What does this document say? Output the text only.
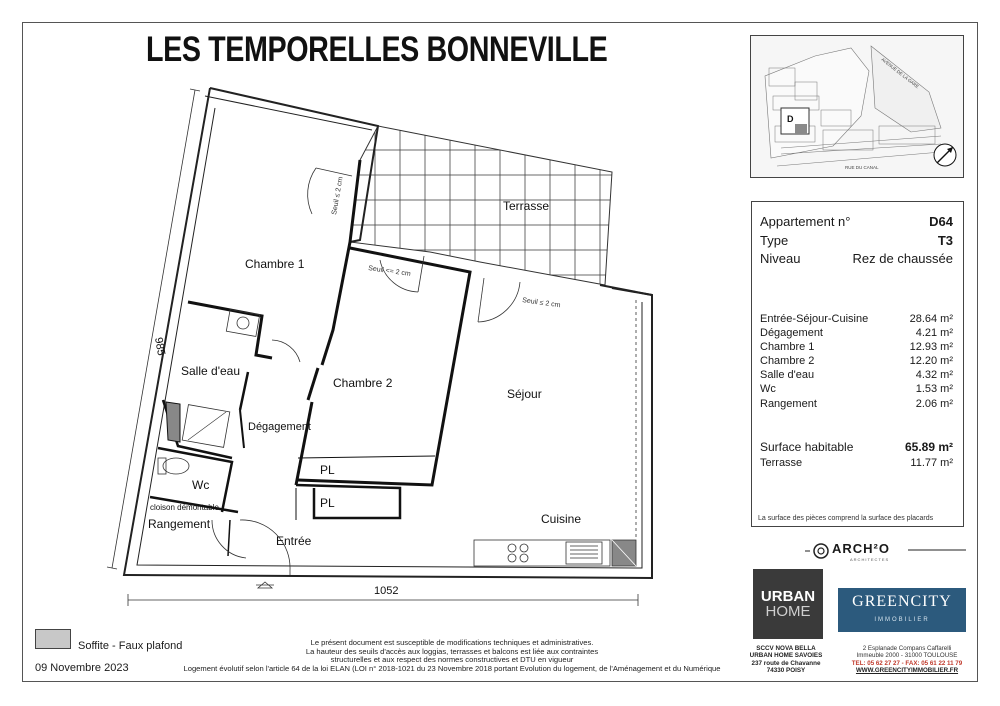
LES TEMPORELLES BONNEVILLE
Terrasse
Chambre 1
Chambre 2
Salle d'eau
Dégagement
Wc
Rangement
cloison démontable
Entrée
Séjour
Cuisine
PL
PL
Seuil ≤ 2 cm
Seuil <= 2 cm
Seuil ≤ 2 cm
985
1052
D
AVENUE DE LA GARE
RUE DU CANAL
Appartement n°	D64
Type	T3
Niveau	Rez de chaussée
Entrée-Séjour-Cuisine	28.64 m²
Dégagement	4.21 m²
Chambre 1	12.93 m²
Chambre 2	12.20 m²
Salle d'eau	4.32 m²
Wc	1.53 m²
Rangement	2.06 m²
Surface habitable	65.89 m²
Terrasse	11.77 m²
La surface des pièces comprend la surface des placards
ARCH²O
ARCHITECTES
URBAN
HOME
GREENCITY
IMMOBILIER
SCCV NOVA BELLA
URBAN HOME SAVOIES
237 route de Chavanne
74330 POISY
2 Esplanade Compans Caffarelli
Immeuble 2000 - 31000 TOULOUSE
TEL: 05 62 27 27 - FAX: 05 61 22 11 79
WWW.GREENCITYIMMOBILIER.FR
Soffite - Faux plafond
09 Novembre 2023
Le présent document est susceptible de modifications techniques et administratives.
La hauteur des seuils d'accès aux loggias, terrasses et balcons est liée aux contraintes
structurelles et aux respect des normes constructives et DTU en vigueur
Logement évolutif selon l'article 64 de la loi ELAN (LOI n° 2018-1021 du 23 Novembre 2018 portant Evolution du logement, de l'Aménagement et du Numérique
